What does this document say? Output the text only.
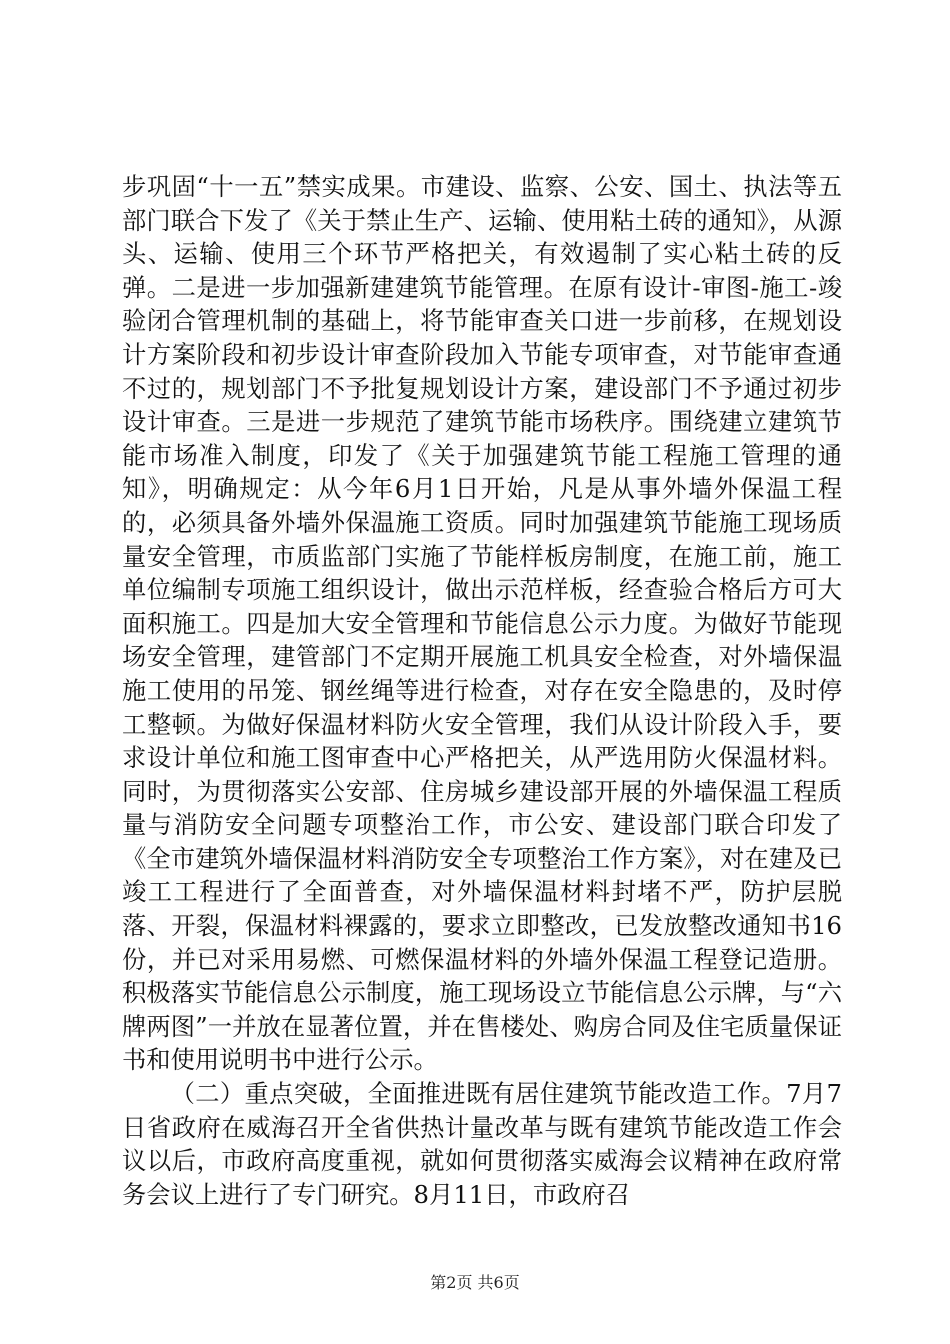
步巩固“十一五”禁实成果。市建设、监察、公安、国土、执法等五部门联合下发了《关于禁止生产、运输、使用粘土砖的通知》，从源头、运输、使用三个环节严格把关，有效遏制了实心粘土砖的反弹。二是进一步加强新建建筑节能管理。在原有设计-审图-施工-竣验闭合管理机制的基础上，将节能审查关口进一步前移，在规划设计方案阶段和初步设计审查阶段加入节能专项审查，对节能审查通不过的，规划部门不予批复规划设计方案，建设部门不予通过初步设计审查。三是进一步规范了建筑节能市场秩序。围绕建立建筑节能市场准入制度，印发了《关于加强建筑节能工程施工管理的通知》，明确规定：从今年6月1日开始，凡是从事外墙外保温工程的，必须具备外墙外保温施工资质。同时加强建筑节能施工现场质量安全管理，市质监部门实施了节能样板房制度，在施工前，施工单位编制专项施工组织设计，做出示范样板，经查验合格后方可大面积施工。四是加大安全管理和节能信息公示力度。为做好节能现场安全管理，建管部门不定期开展施工机具安全检查，对外墙保温施工使用的吊笼、钢丝绳等进行检查，对存在安全隐患的，及时停工整顿。为做好保温材料防火安全管理，我们从设计阶段入手，要求设计单位和施工图审查中心严格把关，从严选用防火保温材料。同时，为贯彻落实公安部、住房城乡建设部开展的外墙保温工程质量与消防安全问题专项整治工作，市公安、建设部门联合印发了《全市建筑外墙保温材料消防安全专项整治工作方案》，对在建及已竣工工程进行了全面普查，对外墙保温材料封堵不严，防护层脱落、开裂，保温材料裸露的，要求立即整改，已发放整改通知书16份，并已对采用易燃、可燃保温材料的外墙外保温工程登记造册。积极落实节能信息公示制度，施工现场设立节能信息公示牌，与“六牌两图”一并放在显著位置，并在售楼处、购房合同及住宅质量保证书和使用说明书中进行公示。

（二）重点突破，全面推进既有居住建筑节能改造工作。7月7日省政府在威海召开全省供热计量改革与既有建筑节能改造工作会议以后，市政府高度重视，就如何贯彻落实威海会议精神在政府常务会议上进行了专门研究。8月11日，市政府召

第2页 共6页
